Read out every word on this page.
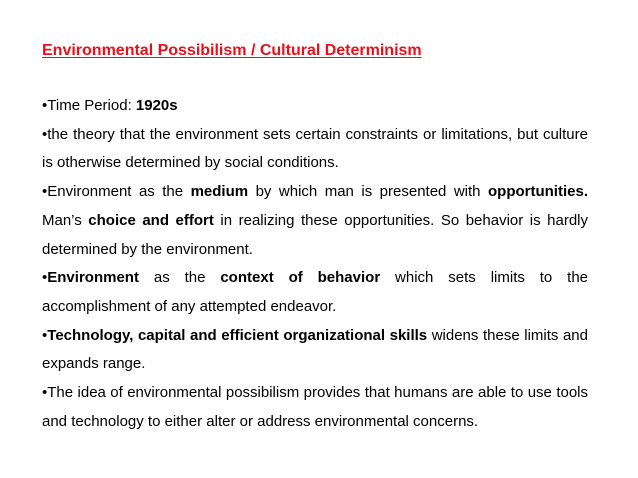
Environmental Possibilism / Cultural Determinism

•Time Period: 1920s

•the theory that the environment sets certain constraints or limitations, but culture is otherwise determined by social conditions.

•Environment as the medium by which man is presented with opportunities. Man’s choice and effort in realizing these opportunities. So behavior is hardly determined by the environment.

•Environment as the context of behavior which sets limits to the accomplishment of any attempted endeavor.

•Technology, capital and efficient organizational skills widens these limits and expands range.

•The idea of environmental possibilism provides that humans are able to use tools and technology to either alter or address environmental concerns.
